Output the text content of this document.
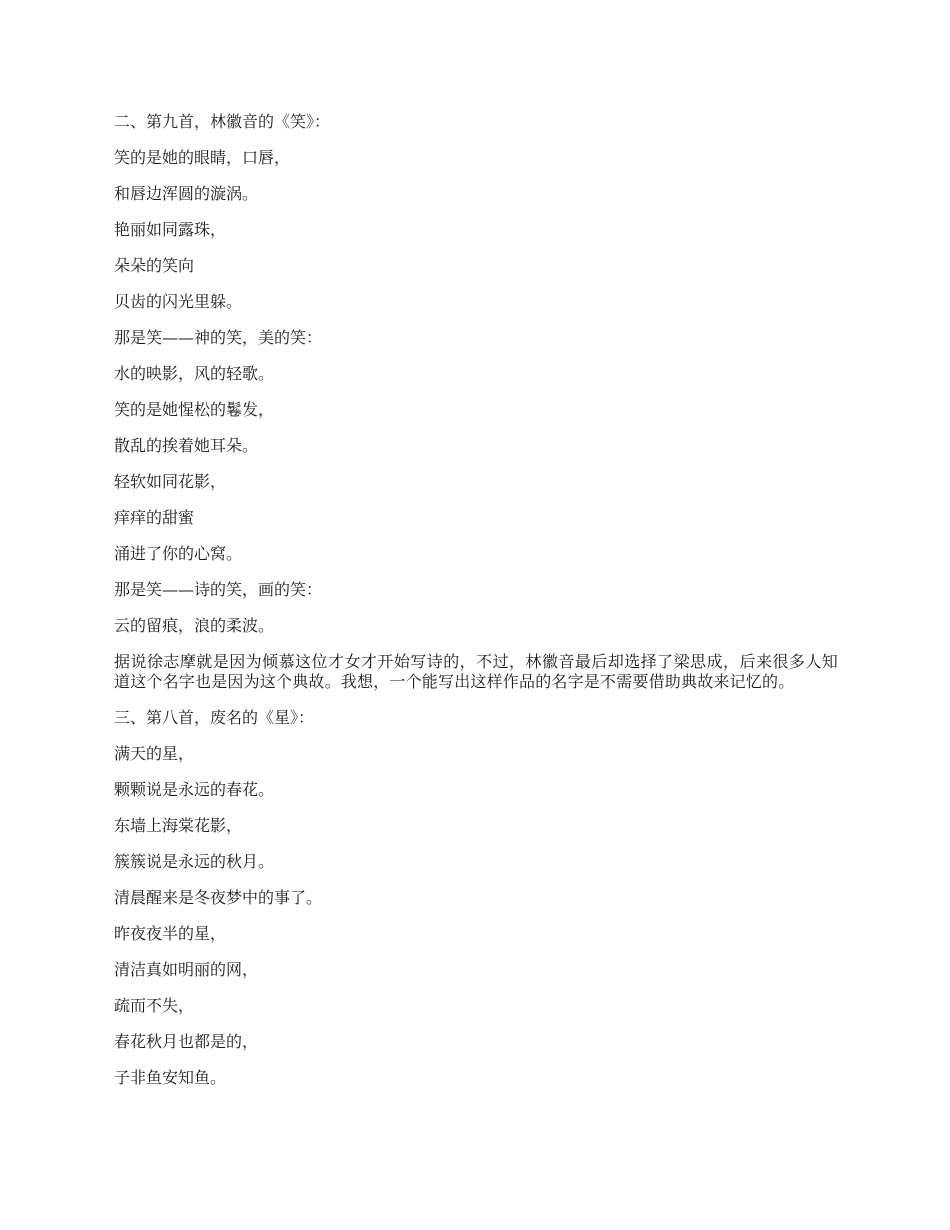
二、第九首，林徽音的《笑》：
笑的是她的眼睛，口唇，
和唇边浑圆的漩涡。
艳丽如同露珠，
朵朵的笑向
贝齿的闪光里躲。
那是笑——神的笑，美的笑：
水的映影，风的轻歌。
笑的是她惺松的鬈发，
散乱的挨着她耳朵。
轻软如同花影，
痒痒的甜蜜
涌进了你的心窝。
那是笑——诗的笑，画的笑：
云的留痕，浪的柔波。
据说徐志摩就是因为倾慕这位才女才开始写诗的，不过，林徽音最后却选择了梁思成，后来很多人知道这个名字也是因为这个典故。我想，一个能写出这样作品的名字是不需要借助典故来记忆的。
三、第八首，废名的《星》：
满天的星，
颗颗说是永远的春花。
东墙上海棠花影，
簇簇说是永远的秋月。
清晨醒来是冬夜梦中的事了。
昨夜夜半的星，
清洁真如明丽的网，
疏而不失，
春花秋月也都是的，
子非鱼安知鱼。
